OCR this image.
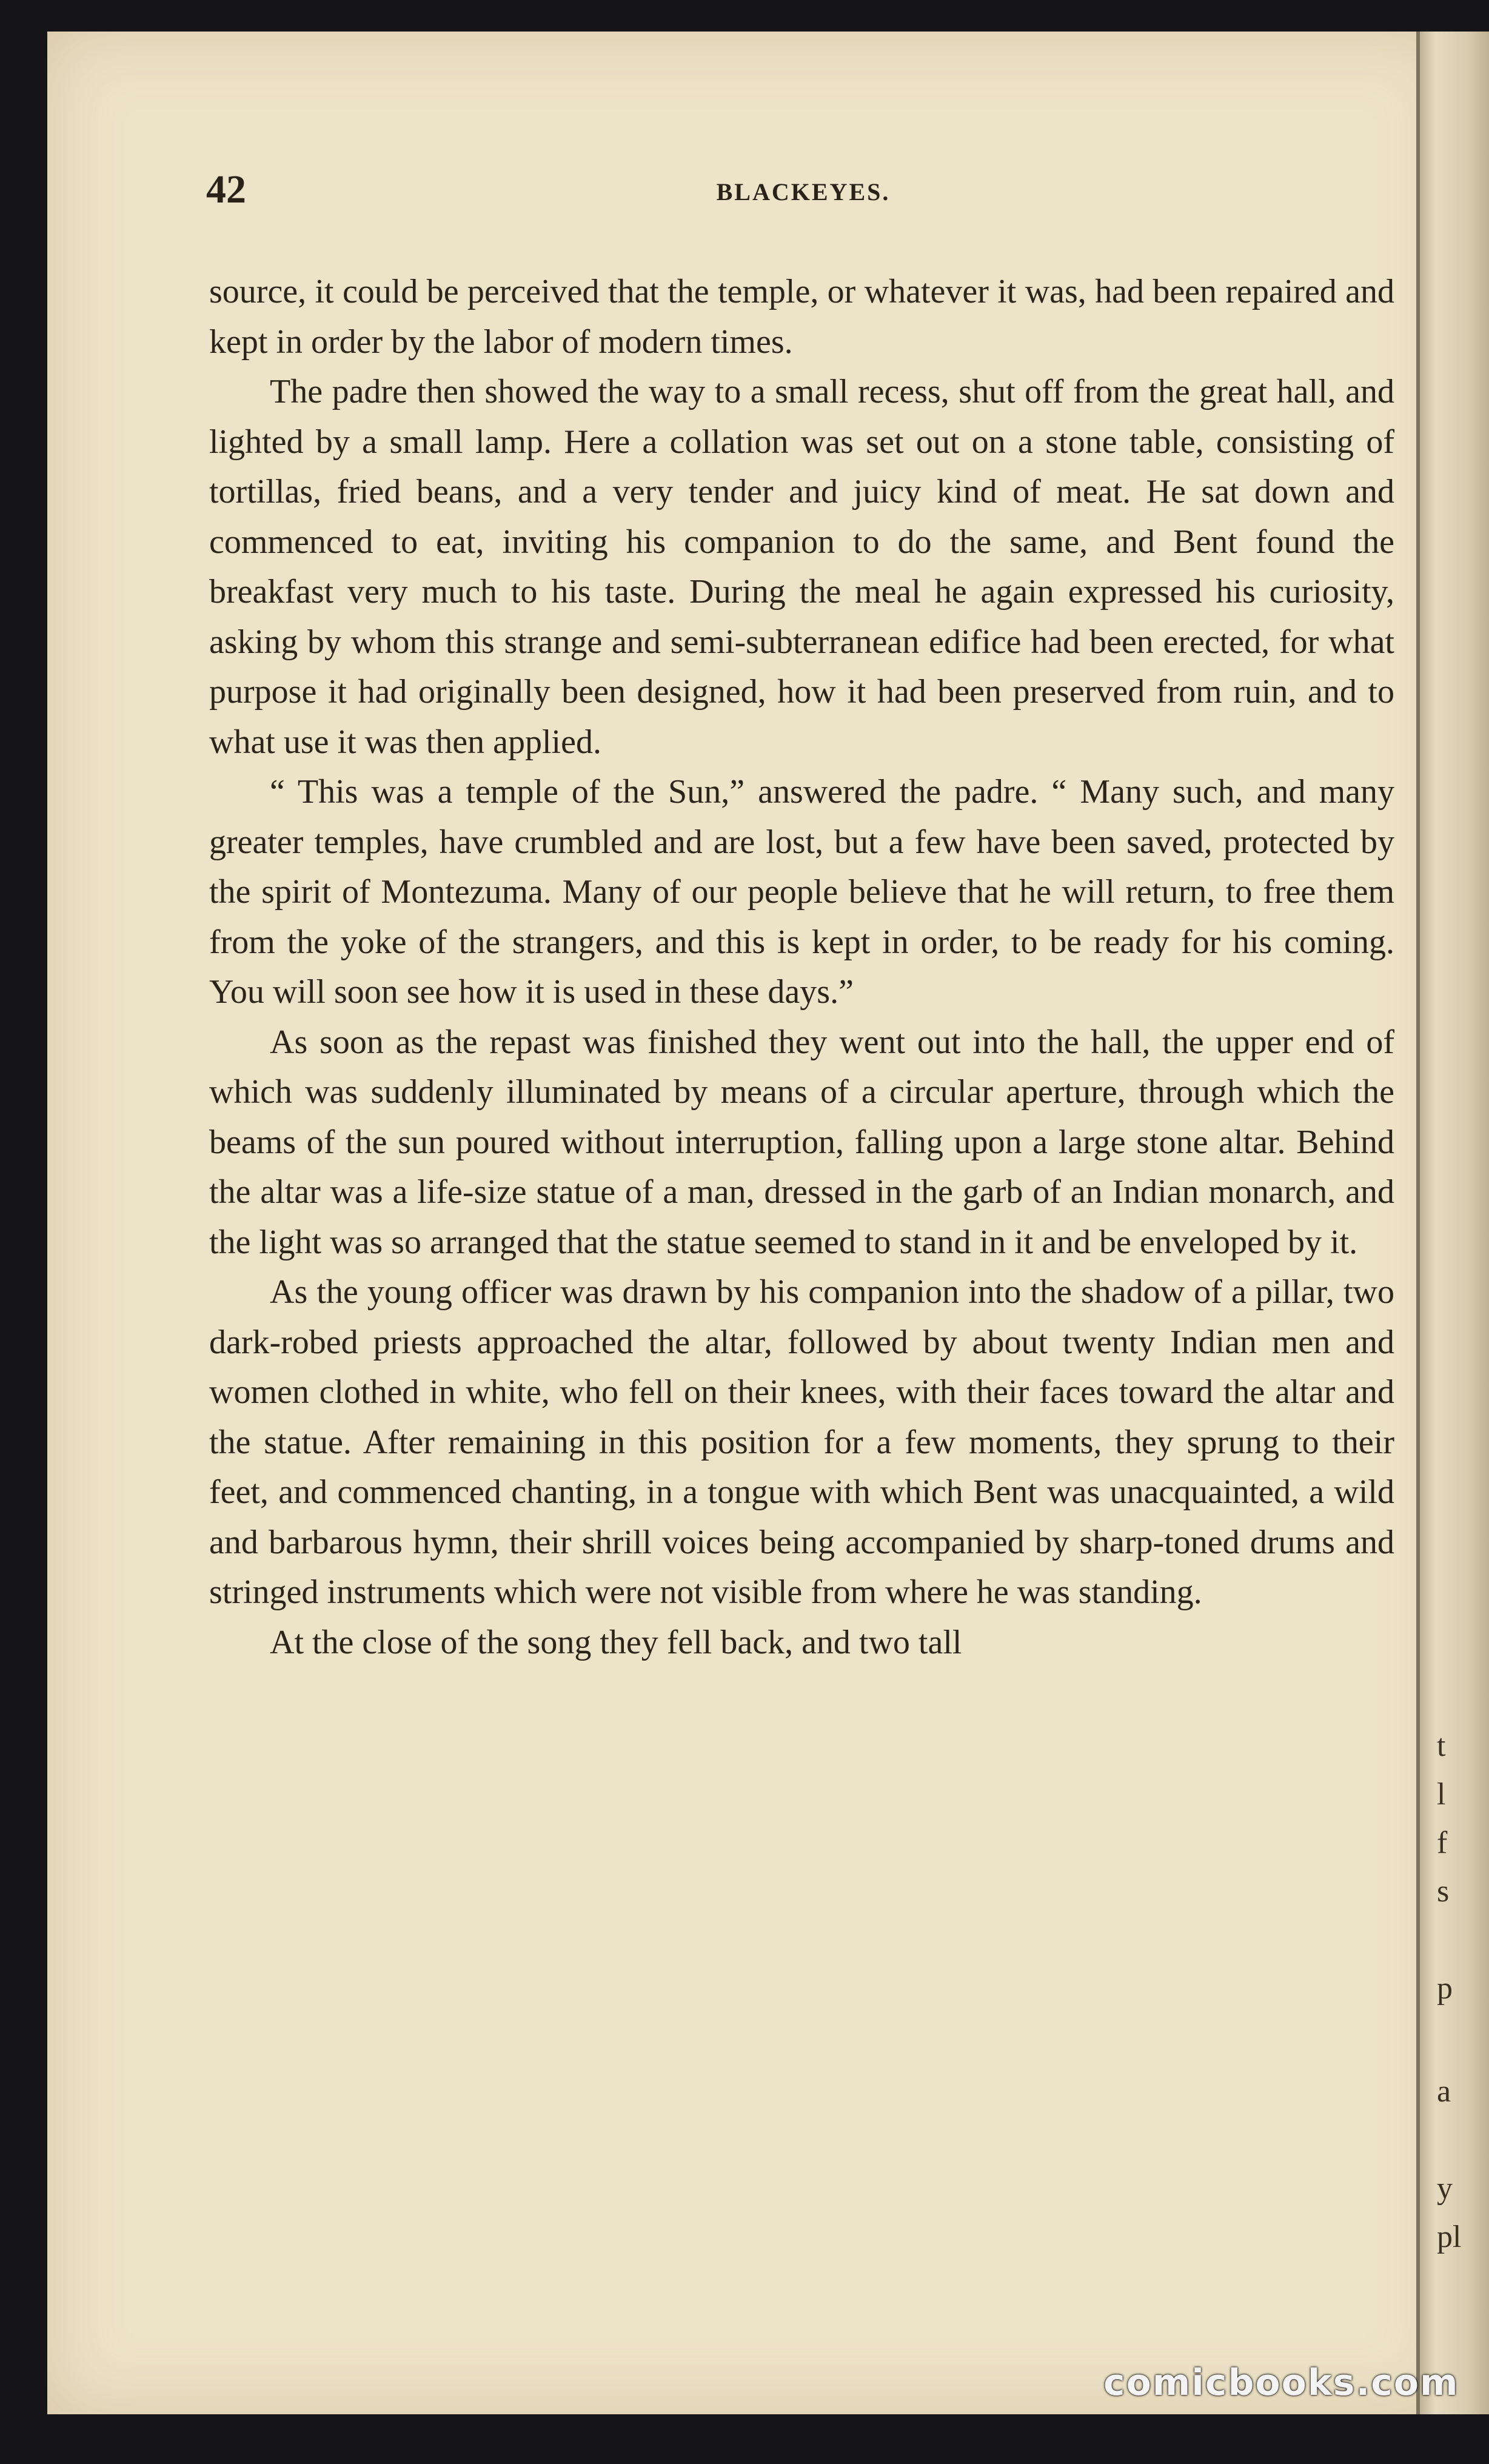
42	BLACKEYES.

source, it could be perceived that the temple, or whatever it was, had been repaired and kept in order by the labor of modern times.

The padre then showed the way to a small recess, shut off from the great hall, and lighted by a small lamp. Here a collation was set out on a stone table, consisting of tortillas, fried beans, and a very tender and juicy kind of meat. He sat down and commenced to eat, inviting his companion to do the same, and Bent found the breakfast very much to his taste. During the meal he again expressed his curiosity, asking by whom this strange and semi-subterranean edifice had been erected, for what purpose it had originally been designed, how it had been preserved from ruin, and to what use it was then applied.

“ This was a temple of the Sun,” answered the padre. “ Many such, and many greater temples, have crumbled and are lost, but a few have been saved, protected by the spirit of Montezuma. Many of our people believe that he will return, to free them from the yoke of the strangers, and this is kept in order, to be ready for his coming. You will soon see how it is used in these days.”

As soon as the repast was finished they went out into the hall, the upper end of which was suddenly illuminated by means of a circular aperture, through which the beams of the sun poured without interruption, falling upon a large stone altar. Behind the altar was a life-size statue of a man, dressed in the garb of an Indian monarch, and the light was so arranged that the statue seemed to stand in it and be enveloped by it.

As the young officer was drawn by his companion into the shadow of a pillar, two dark-robed priests approached the altar, followed by about twenty Indian men and women clothed in white, who fell on their knees, with their faces toward the altar and the statue. After remaining in this position for a few moments, they sprung to their feet, and commenced chanting, in a tongue with which Bent was unacquainted, a wild and barbarous hymn, their shrill voices being accompanied by sharp-toned drums and stringed instruments which were not visible from where he was standing.

At the close of the song they fell back, and two tall

t
l
f
s
p
a
y
pl
comicbooks.com
